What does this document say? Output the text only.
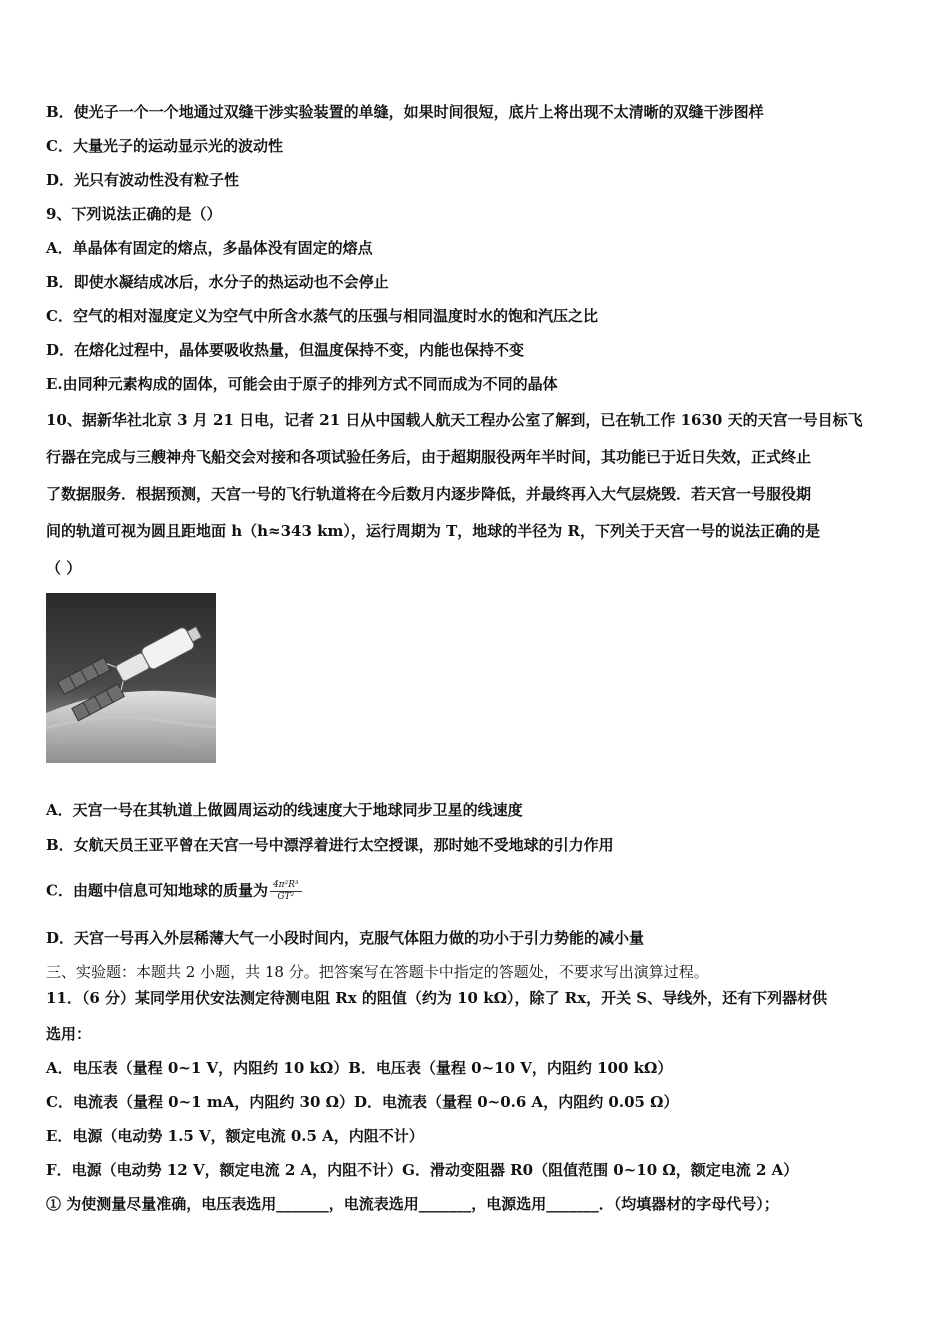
B．使光子一个一个地通过双缝干涉实验装置的单缝，如果时间很短，底片上将出现不太清晰的双缝干涉图样
C．大量光子的运动显示光的波动性
D．光只有波动性没有粒子性
9、下列说法正确的是（）
A．单晶体有固定的熔点，多晶体没有固定的熔点
B．即使水凝结成冰后，水分子的热运动也不会停止
C．空气的相对湿度定义为空气中所含水蒸气的压强与相同温度时水的饱和汽压之比
D．在熔化过程中，晶体要吸收热量，但温度保持不变，内能也保持不变
E.由同种元素构成的固体，可能会由于原子的排列方式不同而成为不同的晶体
10、据新华社北京 3 月 21 日电，记者 21 日从中国载人航天工程办公室了解到，已在轨工作 1630 天的天宫一号目标飞
行器在完成与三艘神舟飞船交会对接和各项试验任务后，由于超期服役两年半时间，其功能已于近日失效，正式终止
了数据服务．根据预测，天宫一号的飞行轨道将在今后数月内逐步降低，并最终再入大气层烧毁．若天宫一号服役期
间的轨道可视为圆且距地面 h（h≈343 km），运行周期为 T，地球的半径为 R，下列关于天宫一号的说法正确的是
（ ）
A．天宫一号在其轨道上做圆周运动的线速度大于地球同步卫星的线速度
B．女航天员王亚平曾在天宫一号中漂浮着进行太空授课，那时她不受地球的引力作用
C．由题中信息可知地球的质量为 $\frac{\text{4π²R³}}{\text{GT²}}$
D．天宫一号再入外层稀薄大气一小段时间内，克服气体阻力做的功小于引力势能的减小量
三、实验题：本题共 2 小题，共 18 分。把答案写在答题卡中指定的答题处，不要求写出演算过程。
11．（6 分）某同学用伏安法测定待测电阻 Rx 的阻值（约为 10 kΩ），除了 Rx，开关 S、导线外，还有下列器材供
选用：
A．电压表（量程 0~1 V，内阻约 10 kΩ）B．电压表（量程 0~10 V，内阻约 100 kΩ）
C．电流表（量程 0~1 mA，内阻约 30 Ω）D．电流表（量程 0~0.6 A，内阻约 0.05 Ω）
E．电源（电动势 1.5 V，额定电流 0.5 A，内阻不计）
F．电源（电动势 12 V，额定电流 2 A，内阻不计）G．滑动变阻器 R0（阻值范围 0~10 Ω，额定电流 2 A）
① 为使测量尽量准确，电压表选用_______，电流表选用_______，电源选用_______．（均填器材的字母代号）；
